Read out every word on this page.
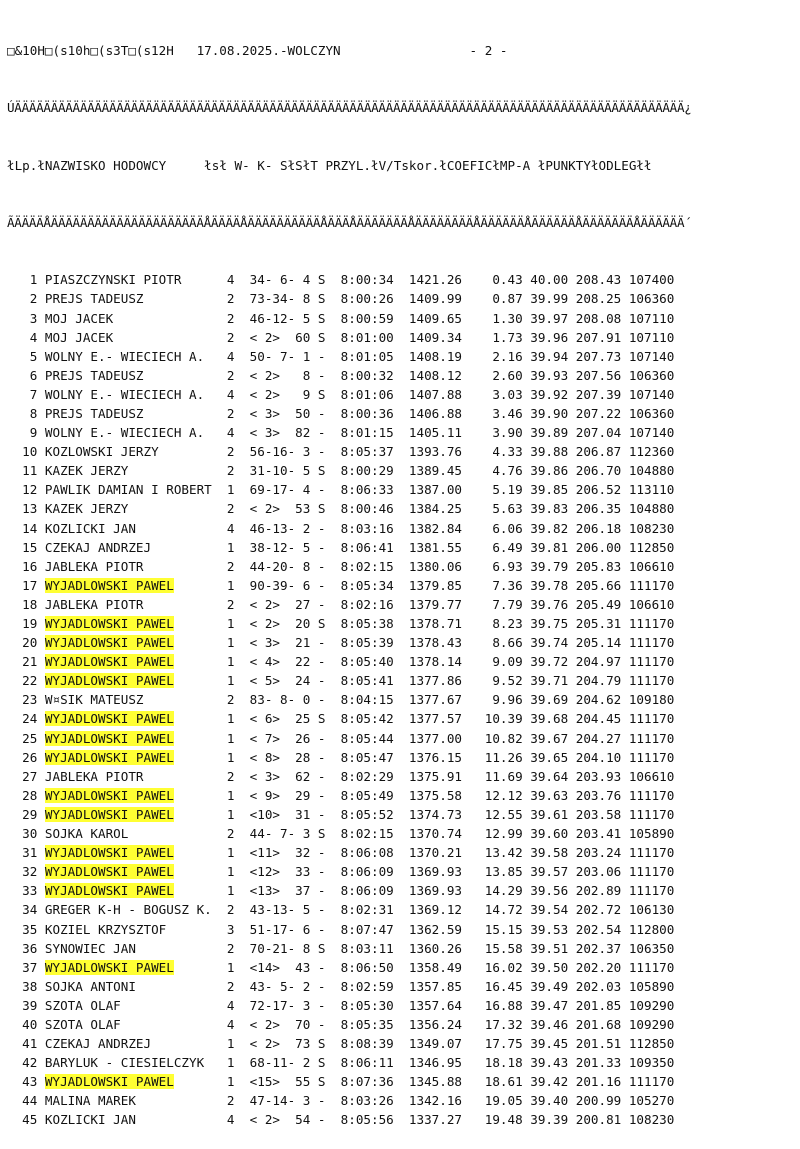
□&10H□(s10h□(s3T□(s12H 17.08.2025.-WOLCZYN	- 2 -

ÚÄÄÄÄÄÄÄÄÄÄÄÄÄÄÄÄÄÄÄÄÄÄÄÄÄÄÄÄÄÄÄÄÄÄÄÄÄÄÄÄÄÄÄÄÄÄÄÄÄÄÄÄÄÄÄÄÄÄÄÄÄÄÄÄÄÄÄÄÄÄÄÄÄÄÄÄÄÄÄÄÄÄÄÄÄÄÄÄÄÄÄÄ¿

łLp.łNAZWISKO HODOWCY	łsł W- K- SłSłT PRZYL.łV/Tskor.łCOEFICłMP-A łPUNKTYłODLEGłł

ÃÄÄÄÄÅÄÄÄÄÄÄÄÄÄÄÄÄÄÄÄÄÄÄÄÄÄÅÄÄÄÄÅÄÄÄÄÄÄÄÄÄÄÅÄÄÄÅÄÄÄÄÄÄÄÅÄÄÄÄÄÄÄÄÅÄÄÄÄÄÄÅÄÄÄÄÄÄÅÄÄÄÄÄÄÄÅÄÄÄÄÄÄ´

1 PIASZCZYNSKI PIOTR	4  34- 6- 4 S  8:00:34  1421.26    0.43 40.00 208.43 107400
2 PREJS TADEUSZ	2  73-34- 8 S  8:00:26  1409.99    0.87 39.99 208.25 106360
3 MOJ JACEK	2  46-12- 5 S  8:00:59  1409.65    1.30 39.97 208.08 107110
4 MOJ JACEK	2  < 2>  60 S  8:01:00  1409.34    1.73 39.96 207.91 107110
5 WOLNY E.- WIECIECH A.   4  50- 7- 1 -  8:01:05  1408.19    2.16 39.94 207.73 107140
6 PREJS TADEUSZ	2  < 2>   8 -  8:00:32  1408.12    2.60 39.93 207.56 106360
7 WOLNY E.- WIECIECH A.   4  < 2>   9 S  8:01:06  1407.88    3.03 39.92 207.39 107140
8 PREJS TADEUSZ	2  < 3>  50 -  8:00:36  1406.88    3.46 39.90 207.22 106360
9 WOLNY E.- WIECIECH A.   4  < 3>  82 -  8:01:15  1405.11    3.90 39.89 207.04 107140
10 KOZLOWSKI JERZY	2  56-16- 3 -  8:05:37  1393.76    4.33 39.88 206.87 112360
11 KAZEK JERZY	2  31-10- 5 S  8:00:29  1389.45    4.76 39.86 206.70 104880
12 PAWLIK DAMIAN I ROBERT  1  69-17- 4 -  8:06:33  1387.00    5.19 39.85 206.52 113110
13 KAZEK JERZY	2  < 2>  53 S  8:00:46  1384.25    5.63 39.83 206.35 104880
14 KOZLICKI JAN	4  46-13- 2 -  8:03:16  1382.84    6.06 39.82 206.18 108230
15 CZEKAJ ANDRZEJ	1  38-12- 5 -  8:06:41  1381.55    6.49 39.81 206.00 112850
16 JABLEKA PIOTR	2  44-20- 8 -  8:02:15  1380.06    6.93 39.79 205.83 106610
17 WYJADLOWSKI PAWEL	1  90-39- 6 -  8:05:34  1379.85    7.36 39.78 205.66 111170
18 JABLEKA PIOTR	2  < 2>  27 -  8:02:16  1379.77    7.79 39.76 205.49 106610
19 WYJADLOWSKI PAWEL	1  < 2>  20 S  8:05:38  1378.71    8.23 39.75 205.31 111170
20 WYJADLOWSKI PAWEL	1  < 3>  21 -  8:05:39  1378.43    8.66 39.74 205.14 111170
21 WYJADLOWSKI PAWEL	1  < 4>  22 -  8:05:40  1378.14    9.09 39.72 204.97 111170
22 WYJADLOWSKI PAWEL	1  < 5>  24 -  8:05:41  1377.86    9.52 39.71 204.79 111170
23 W¤SIK MATEUSZ	2  83- 8- 0 -  8:04:15  1377.67    9.96 39.69 204.62 109180
24 WYJADLOWSKI PAWEL	1  < 6>  25 S  8:05:42  1377.57   10.39 39.68 204.45 111170
25 WYJADLOWSKI PAWEL	1  < 7>  26 -  8:05:44  1377.00   10.82 39.67 204.27 111170
26 WYJADLOWSKI PAWEL	1  < 8>  28 -  8:05:47  1376.15   11.26 39.65 204.10 111170
27 JABLEKA PIOTR	2  < 3>  62 -  8:02:29  1375.91   11.69 39.64 203.93 106610
28 WYJADLOWSKI PAWEL	1  < 9>  29 -  8:05:49  1375.58   12.12 39.63 203.76 111170
29 WYJADLOWSKI PAWEL	1  <10>  31 -  8:05:52  1374.73   12.55 39.61 203.58 111170
30 SOJKA KAROL	2  44- 7- 3 S  8:02:15  1370.74   12.99 39.60 203.41 105890
31 WYJADLOWSKI PAWEL	1  <11>  32 -  8:06:08  1370.21   13.42 39.58 203.24 111170
32 WYJADLOWSKI PAWEL	1  <12>  33 -  8:06:09  1369.93   13.85 39.57 203.06 111170
33 WYJADLOWSKI PAWEL	1  <13>  37 -  8:06:09  1369.93   14.29 39.56 202.89 111170
34 GREGER K-H - BOGUSZ K.  2  43-13- 5 -  8:02:31  1369.12   14.72 39.54 202.72 106130
35 KOZIEL KRZYSZTOF	3  51-17- 6 -  8:07:47  1362.59   15.15 39.53 202.54 112800
36 SYNOWIEC JAN	2  70-21- 8 S  8:03:11  1360.26   15.58 39.51 202.37 106350
37 WYJADLOWSKI PAWEL	1  <14>  43 -  8:06:50  1358.49   16.02 39.50 202.20 111170
38 SOJKA ANTONI	2  43- 5- 2 -  8:02:59  1357.85   16.45 39.49 202.03 105890
39 SZOTA OLAF	4  72-17- 3 -  8:05:30  1357.64   16.88 39.47 201.85 109290
40 SZOTA OLAF	4  < 2>  70 -  8:05:35  1356.24   17.32 39.46 201.68 109290
41 CZEKAJ ANDRZEJ	1  < 2>  73 S  8:08:39  1349.07   17.75 39.45 201.51 112850
42 BARYLUK - CIESIELCZYK   1  68-11- 2 S  8:06:11  1346.95   18.18 39.43 201.33 109350
43 WYJADLOWSKI PAWEL	1  <15>  55 S  8:07:36  1345.88   18.61 39.42 201.16 111170
44 MALINA MAREK	2  47-14- 3 -  8:03:26  1342.16   19.05 39.40 200.99 105270
45 KOZLICKI JAN	4  < 2>  54 -  8:05:56  1337.27   19.48 39.39 200.81 108230
